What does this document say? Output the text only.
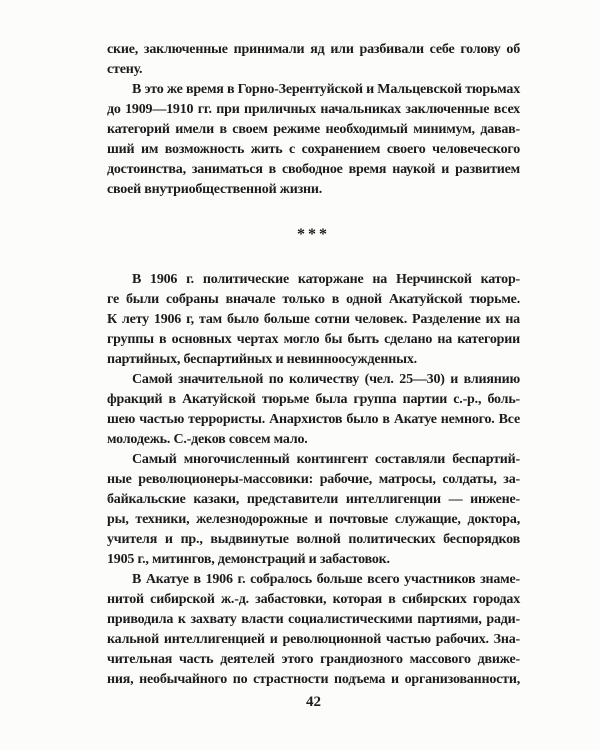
ские, заключенные принимали яд или разбивали себе голову об
стену.
В это же время в Горно-Зерентуйской и Мальцевской тюрьмах
до 1909—1910 гг. при приличных начальниках заключенные всех
категорий имели в своем режиме необходимый минимум, давав-
ший им возможность жить с сохранением своего человеческого
достоинства, заниматься в свободное время наукой и развитием
своей внутриобщественной жизни.
***
В 1906 г. политические каторжане на Нерчинской катор-
ге были собраны вначале только в одной Акатуйской тюрьме.
К лету 1906 г, там было больше сотни человек. Разделение их на
группы в основных чертах могло бы быть сделано на категории
партийных, беспартийных и невинноосужденных.
Самой значительной по количеству (чел. 25—30) и влиянию
фракций в Акатуйской тюрьме была группа партии с.-р., боль-
шею частью террористы. Анархистов было в Акатуе немного. Все
молодежь. С.-деков совсем мало.
Самый многочисленный контингент составляли беспартий-
ные революционеры-массовики: рабочие, матросы, солдаты, за-
байкальские казаки, представители интеллигенции — инжене-
ры, техники, железнодорожные и почтовые служащие, доктора,
учителя и пр., выдвинутые волной политических беспорядков
1905 г., митингов, демонстраций и забастовок.
В Акатуе в 1906 г. собралось больше всего участников знаме-
нитой сибирской ж.-д. забастовки, которая в сибирских городах
приводила к захвату власти социалистическими партиями, ради-
кальной интеллигенцией и революционной частью рабочих. Зна-
чительная часть деятелей этого грандиозного массового движе-
ния, необычайного по страстности подъема и организованности,
42
